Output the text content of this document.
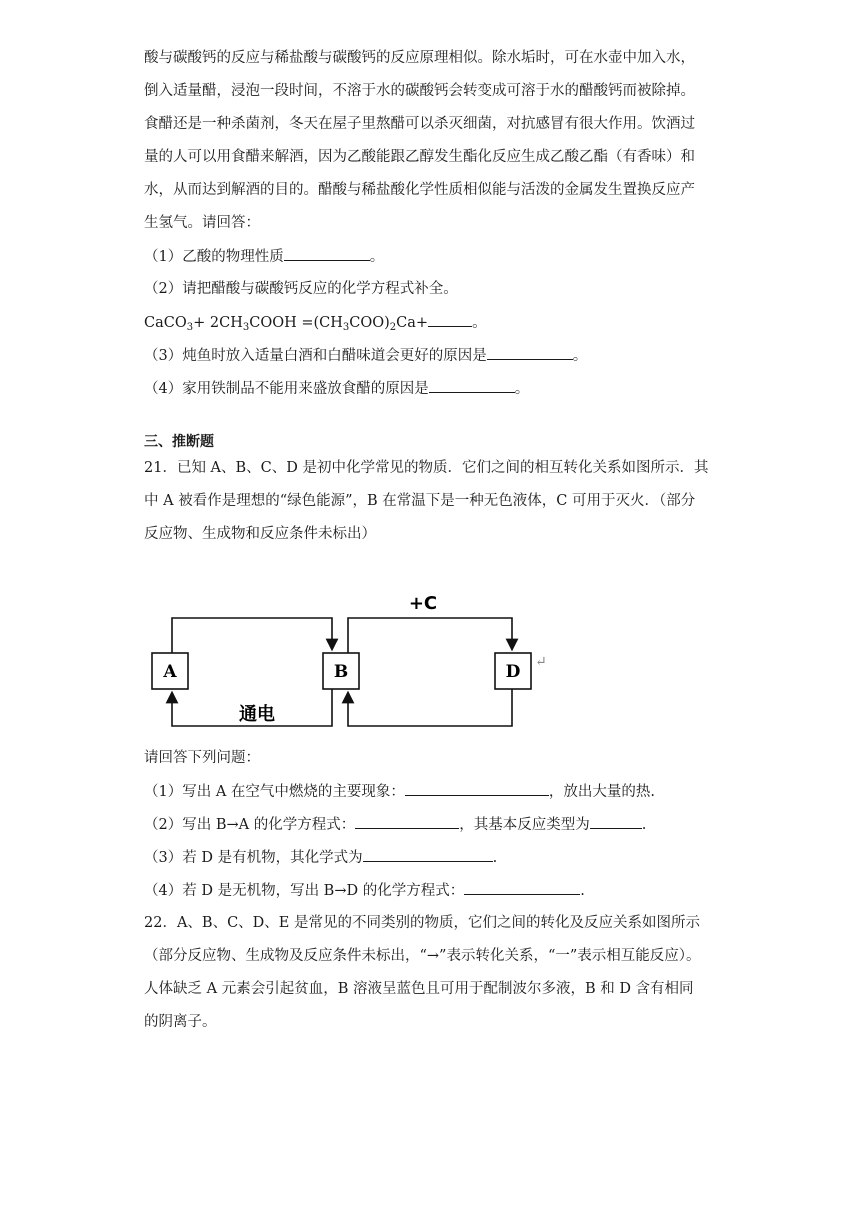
酸与碳酸钙的反应与稀盐酸与碳酸钙的反应原理相似。除水垢时，可在水壶中加入水，
倒入适量醋，浸泡一段时间，不溶于水的碳酸钙会转变成可溶于水的醋酸钙而被除掉。
食醋还是一种杀菌剂，冬天在屋子里熬醋可以杀灭细菌，对抗感冒有很大作用。饮酒过
量的人可以用食醋来解酒，因为乙酸能跟乙醇发生酯化反应生成乙酸乙酯（有香味）和
水，从而达到解酒的目的。醋酸与稀盐酸化学性质相似能与活泼的金属发生置换反应产
生氢气。请回答：
（1）乙酸的物理性质	。
（2）请把醋酸与碳酸钙反应的化学方程式补全。
CaCO$_3$+ $2CH_3COOH =(CH_3COO)_2Ca+$	。
（3）炖鱼时放入适量白酒和白醋味道会更好的原因是	。
（4）家用铁制品不能用来盛放食醋的原因是	。
三、推断题
21．已知 A、B、C、D 是初中化学常见的物质．它们之间的相互转化关系如图所示．其
中 A 被看作是理想的“绿色能源”，B 在常温下是一种无色液体，C 可用于灭火．（部分
反应物、生成物和反应条件未标出）
A	B	D ↵
+C
通电
请回答下列问题：
（1）写出 A 在空气中燃烧的主要现象：	，放出大量的热.
（2）写出 B→A 的化学方程式：	，其基本反应类型为	.
（3）若 D 是有机物，其化学式为	.
（4）若 D 是无机物，写出 B→D 的化学方程式：	.
22．A、B、C、D、E 是常见的不同类别的物质，它们之间的转化及反应关系如图所示
（部分反应物、生成物及反应条件未标出，“→”表示转化关系，“一”表示相互能反应）。
人体缺乏 A 元素会引起贫血，B 溶液呈蓝色且可用于配制波尔多液，B 和 D 含有相同
的阴离子。
